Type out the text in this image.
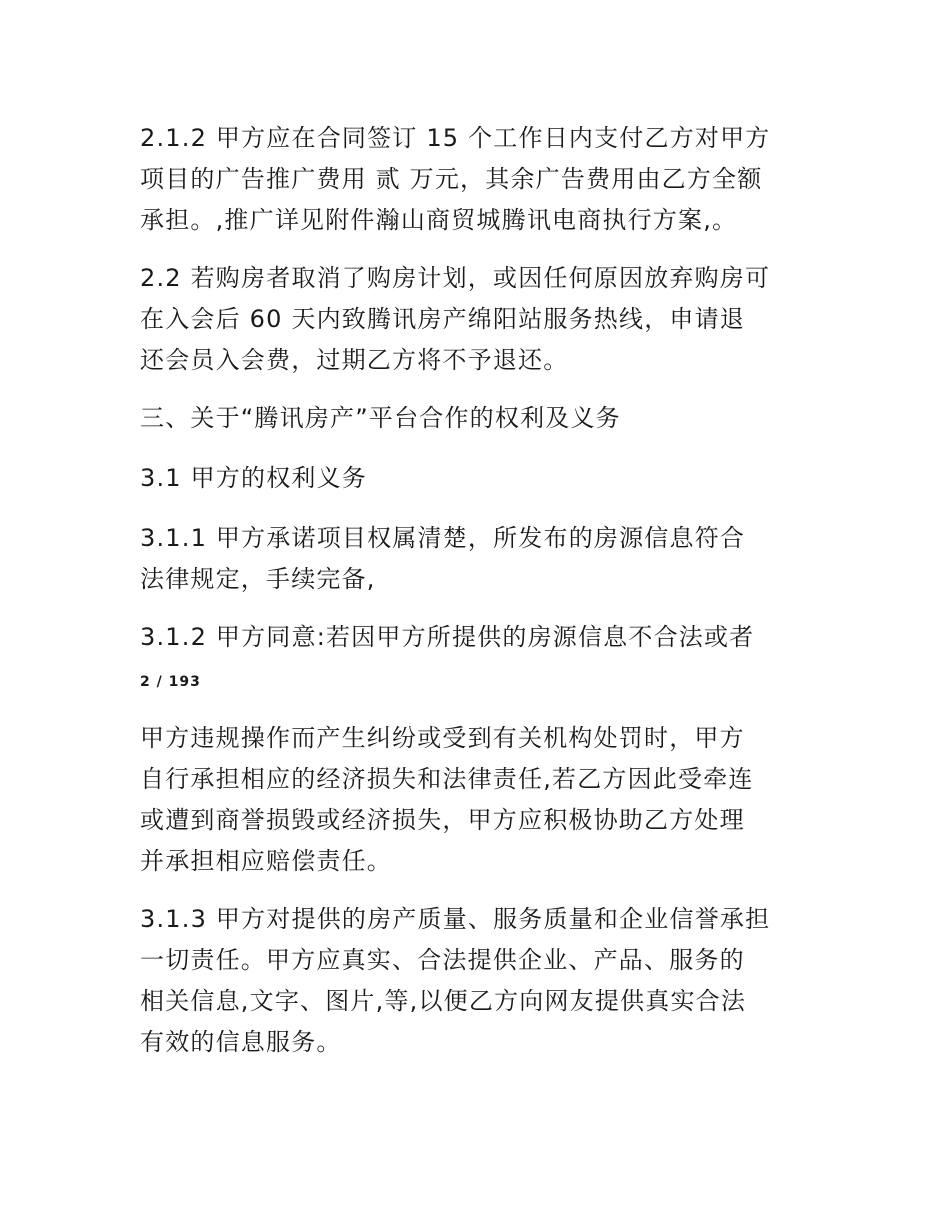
2.1.2 甲方应在合同签订 15 个工作日内支付乙方对甲方
项目的广告推广费用 贰 万元，其余广告费用由乙方全额
承担。,推广详见附件瀚山商贸城腾讯电商执行方案,。

2.2 若购房者取消了购房计划，或因任何原因放弃购房可
在入会后 60 天内致腾讯房产绵阳站服务热线，申请退
还会员入会费，过期乙方将不予退还。

三、关于“腾讯房产”平台合作的权利及义务

3.1 甲方的权利义务

3.1.1 甲方承诺项目权属清楚，所发布的房源信息符合
法律规定，手续完备,

3.1.2 甲方同意:若因甲方所提供的房源信息不合法或者

2 / 193

甲方违规操作而产生纠纷或受到有关机构处罚时，甲方
自行承担相应的经济损失和法律责任,若乙方因此受牵连
或遭到商誉损毁或经济损失，甲方应积极协助乙方处理
并承担相应赔偿责任。

3.1.3 甲方对提供的房产质量、服务质量和企业信誉承担
一切责任。甲方应真实、合法提供企业、产品、服务的
相关信息,文字、图片,等,以便乙方向网友提供真实合法
有效的信息服务。
